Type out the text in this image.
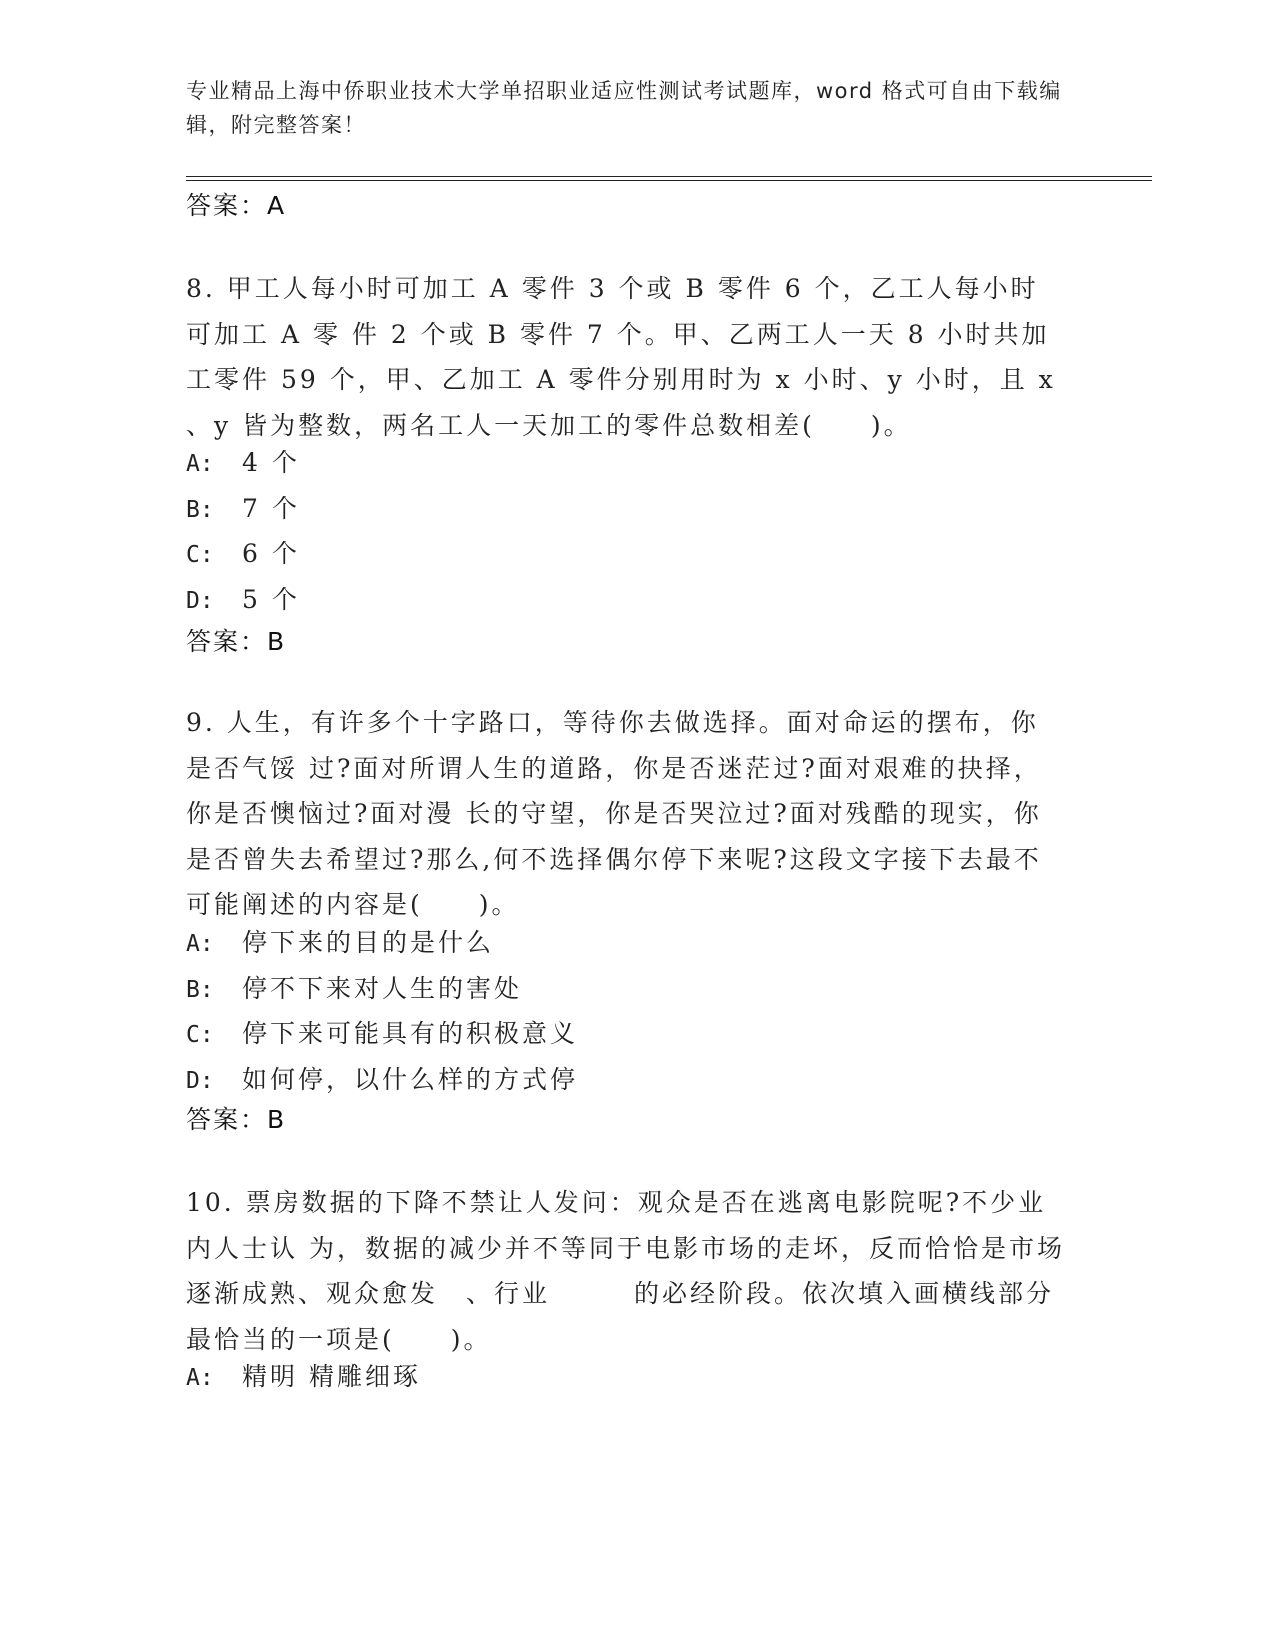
专业精品上海中侨职业技术大学单招职业适应性测试考试题库，word 格式可自由下载编辑，附完整答案！
答案：A
8. 甲工人每小时可加工 A 零件 3 个或 B 零件 6 个，乙工人每小时可加工 A 零 件 2 个或 B 零件 7 个。甲、乙两工人一天 8 小时共加工零件 59 个，甲、乙加工 A 零件分别用时为 x 小时、y 小时，且 x 、y 皆为整数，两名工人一天加工的零件总数相差(　　)。
A: 4 个
B: 7 个
C: 6 个
D: 5 个
答案：B
9. 人生，有许多个十字路口，等待你去做选择。面对命运的摆布，你是否气馁 过?面对所谓人生的道路，你是否迷茫过?面对艰难的抉择，你是否懊恼过?面对漫 长的守望，你是否哭泣过?面对残酷的现实，你是否曾失去希望过?那么,何不选择偶尔停下来呢?这段文字接下去最不可能阐述的内容是(　　)。
A: 停下来的目的是什么
B: 停不下来对人生的害处
C: 停下来可能具有的积极意义
D: 如何停，以什么样的方式停
答案：B
10. 票房数据的下降不禁让人发问：观众是否在逃离电影院呢?不少业内人士认 为，数据的减少并不等同于电影市场的走坏，反而恰恰是市场逐渐成熟、观众愈发　、行业　　　的必经阶段。依次填入画横线部分最恰当的一项是(　　)。
A: 精明 精雕细琢
